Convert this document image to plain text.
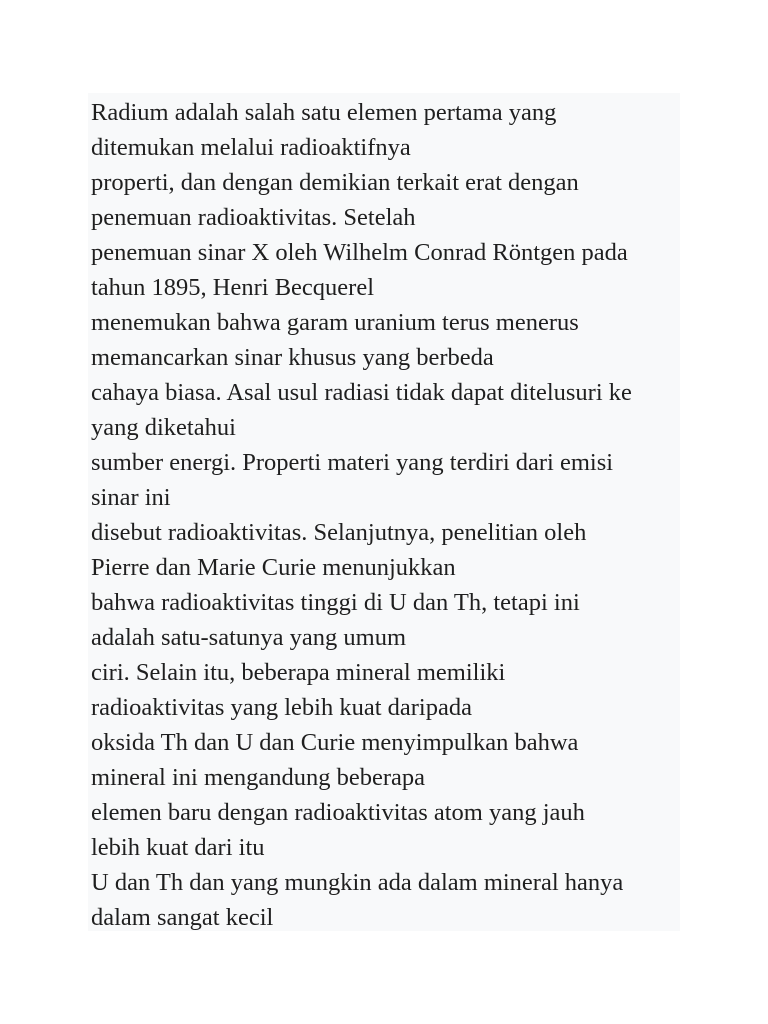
Radium adalah salah satu elemen pertama yang
ditemukan melalui radioaktifnya
properti, dan dengan demikian terkait erat dengan
penemuan radioaktivitas. Setelah
penemuan sinar X oleh Wilhelm Conrad Röntgen pada
tahun 1895, Henri Becquerel
menemukan bahwa garam uranium terus menerus
memancarkan sinar khusus yang berbeda
cahaya biasa. Asal usul radiasi tidak dapat ditelusuri ke
yang diketahui
sumber energi. Properti materi yang terdiri dari emisi
sinar ini
disebut radioaktivitas. Selanjutnya, penelitian oleh
Pierre dan Marie Curie menunjukkan
bahwa radioaktivitas tinggi di U dan Th, tetapi ini
adalah satu-satunya yang umum
ciri. Selain itu, beberapa mineral memiliki
radioaktivitas yang lebih kuat daripada
oksida Th dan U dan Curie menyimpulkan bahwa
mineral ini mengandung beberapa
elemen baru dengan radioaktivitas atom yang jauh
lebih kuat dari itu
U dan Th dan yang mungkin ada dalam mineral hanya
dalam sangat kecil
